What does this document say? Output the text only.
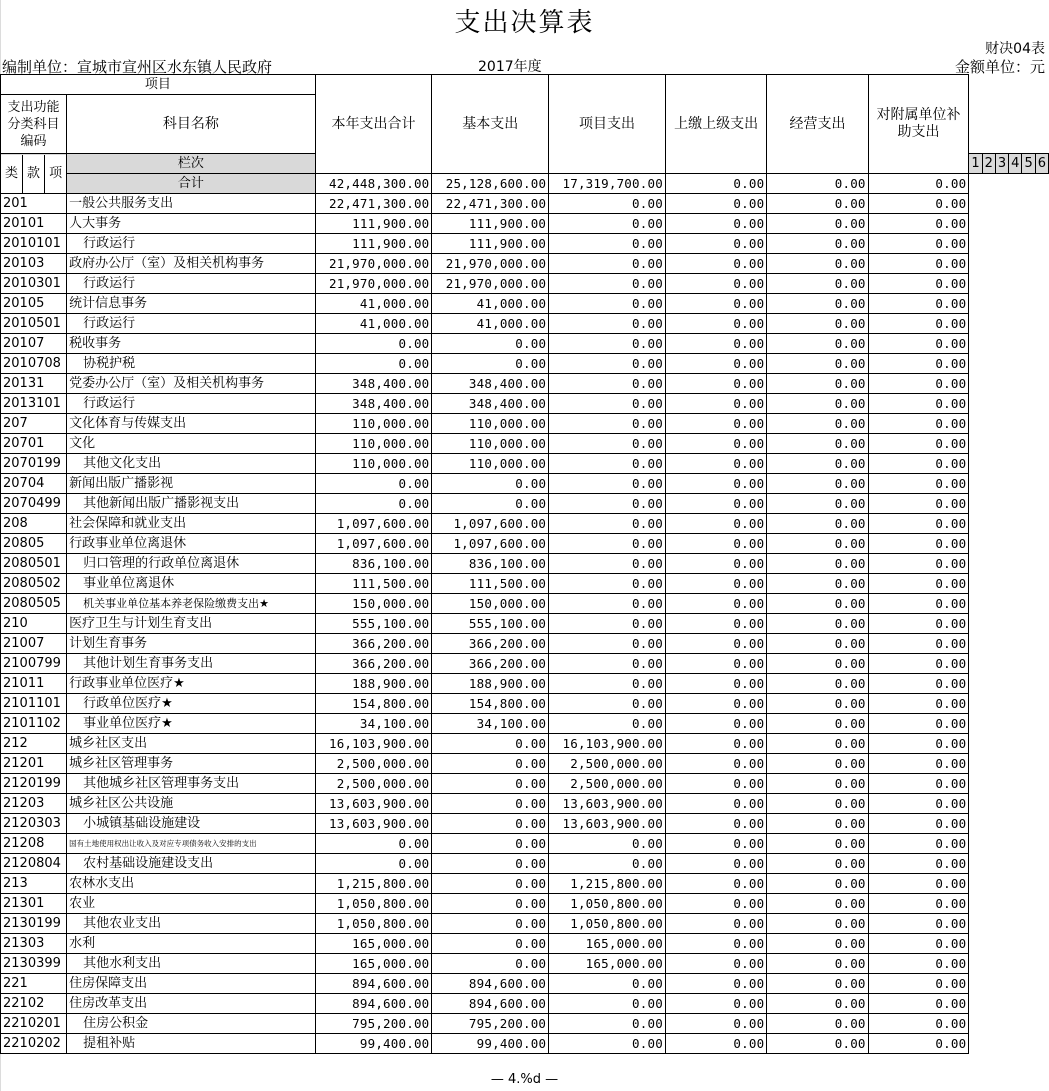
支出决算表
财决04表
编制单位：宣城市宣州区水东镇人民政府	2017年度	金额单位：元
项目		本年支出合计	基本支出	项目支出	上缴上级支出	经营支出	对附属单位补助支出						
支出功能分类科目编码	科目名称												

类 款 项	栏次							1	2	3	4	5	6
	合计	42,448,300.00	25,128,600.00	17,319,700.00	0.00	0.00	0.00						
201	一般公共服务支出	22,471,300.00	22,471,300.00	0.00	0.00	0.00	0.00						
20101	人大事务	111,900.00	111,900.00	0.00	0.00	0.00	0.00						
2010101	行政运行	111,900.00	111,900.00	0.00	0.00	0.00	0.00						
20103	政府办公厅（室）及相关机构事务	21,970,000.00	21,970,000.00	0.00	0.00	0.00	0.00						
2010301	行政运行	21,970,000.00	21,970,000.00	0.00	0.00	0.00	0.00						
20105	统计信息事务	41,000.00	41,000.00	0.00	0.00	0.00	0.00						
2010501	行政运行	41,000.00	41,000.00	0.00	0.00	0.00	0.00						
20107	税收事务	0.00	0.00	0.00	0.00	0.00	0.00						
2010708	协税护税	0.00	0.00	0.00	0.00	0.00	0.00						
20131	党委办公厅（室）及相关机构事务	348,400.00	348,400.00	0.00	0.00	0.00	0.00						
2013101	行政运行	348,400.00	348,400.00	0.00	0.00	0.00	0.00						
207	文化体育与传媒支出	110,000.00	110,000.00	0.00	0.00	0.00	0.00						
20701	文化	110,000.00	110,000.00	0.00	0.00	0.00	0.00						
2070199	其他文化支出	110,000.00	110,000.00	0.00	0.00	0.00	0.00						
20704	新闻出版广播影视	0.00	0.00	0.00	0.00	0.00	0.00						
2070499	其他新闻出版广播影视支出	0.00	0.00	0.00	0.00	0.00	0.00						
208	社会保障和就业支出	1,097,600.00	1,097,600.00	0.00	0.00	0.00	0.00						
20805	行政事业单位离退休	1,097,600.00	1,097,600.00	0.00	0.00	0.00	0.00						
2080501	归口管理的行政单位离退休	836,100.00	836,100.00	0.00	0.00	0.00	0.00						
2080502	事业单位离退休	111,500.00	111,500.00	0.00	0.00	0.00	0.00						
2080505	机关事业单位基本养老保险缴费支出★	150,000.00	150,000.00	0.00	0.00	0.00	0.00						
210	医疗卫生与计划生育支出	555,100.00	555,100.00	0.00	0.00	0.00	0.00						
21007	计划生育事务	366,200.00	366,200.00	0.00	0.00	0.00	0.00						
2100799	其他计划生育事务支出	366,200.00	366,200.00	0.00	0.00	0.00	0.00						
21011	行政事业单位医疗★	188,900.00	188,900.00	0.00	0.00	0.00	0.00						
2101101	行政单位医疗★	154,800.00	154,800.00	0.00	0.00	0.00	0.00						
2101102	事业单位医疗★	34,100.00	34,100.00	0.00	0.00	0.00	0.00						
212	城乡社区支出	16,103,900.00	0.00	16,103,900.00	0.00	0.00	0.00						
21201	城乡社区管理事务	2,500,000.00	0.00	2,500,000.00	0.00	0.00	0.00						
2120199	其他城乡社区管理事务支出	2,500,000.00	0.00	2,500,000.00	0.00	0.00	0.00						
21203	城乡社区公共设施	13,603,900.00	0.00	13,603,900.00	0.00	0.00	0.00						
2120303	小城镇基础设施建设	13,603,900.00	0.00	13,603,900.00	0.00	0.00	0.00						
21208	国有土地使用权出让收入及对应专项债务收入安排的支出	0.00	0.00	0.00	0.00	0.00	0.00						
2120804	农村基础设施建设支出	0.00	0.00	0.00	0.00	0.00	0.00						
213	农林水支出	1,215,800.00	0.00	1,215,800.00	0.00	0.00	0.00						
21301	农业	1,050,800.00	0.00	1,050,800.00	0.00	0.00	0.00						
2130199	其他农业支出	1,050,800.00	0.00	1,050,800.00	0.00	0.00	0.00						
21303	水利	165,000.00	0.00	165,000.00	0.00	0.00	0.00						
2130399	其他水利支出	165,000.00	0.00	165,000.00	0.00	0.00	0.00						
221	住房保障支出	894,600.00	894,600.00	0.00	0.00	0.00	0.00						
22102	住房改革支出	894,600.00	894,600.00	0.00	0.00	0.00	0.00						
2210201	住房公积金	795,200.00	795,200.00	0.00	0.00	0.00	0.00						
2210202	提租补贴	99,400.00	99,400.00	0.00	0.00	0.00	0.00						
— 4.%d —
